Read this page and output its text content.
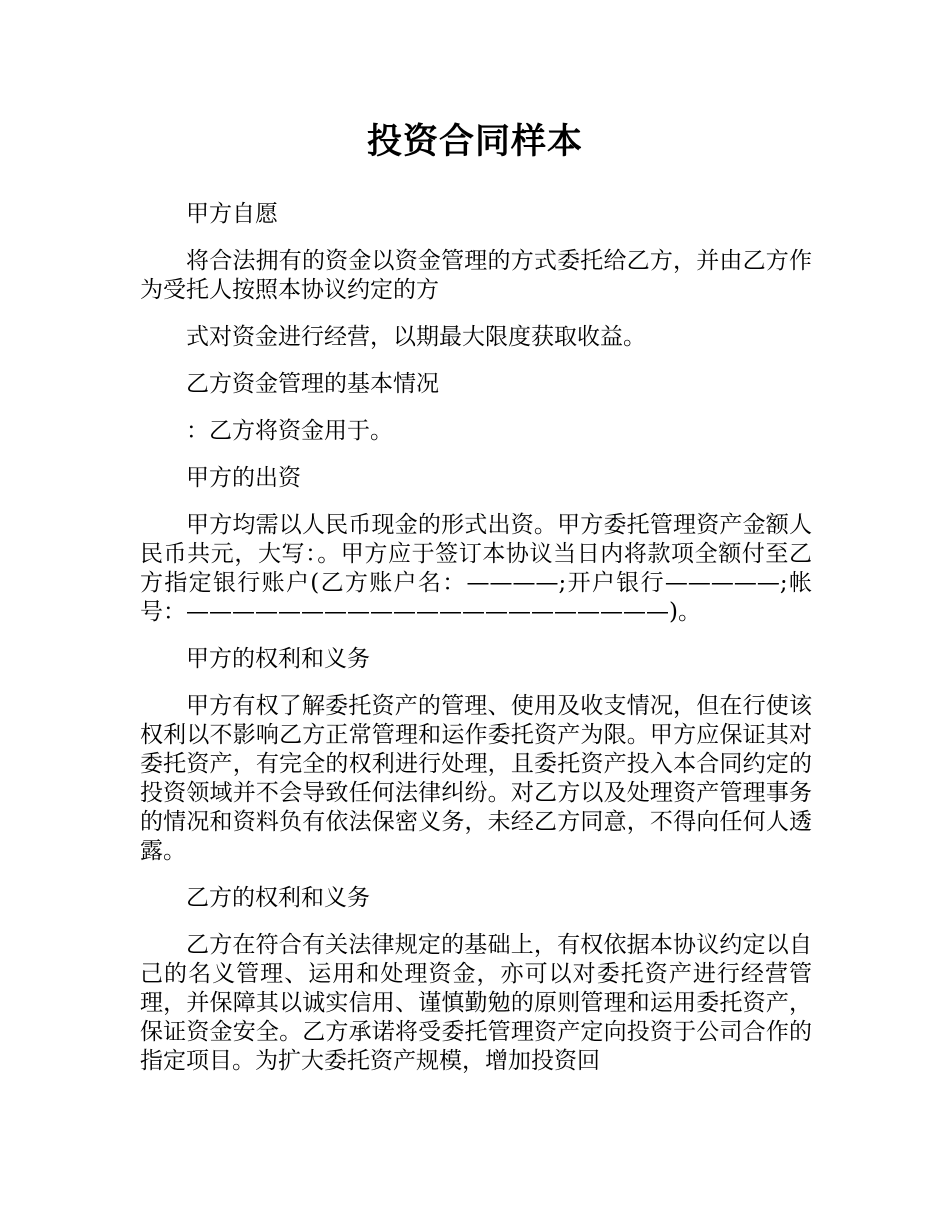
投资合同样本

甲方自愿

将合法拥有的资金以资金管理的方式委托给乙方，并由乙方作为受托人按照本协议约定的方

式对资金进行经营，以期最大限度获取收益。

乙方资金管理的基本情况

：乙方将资金用于。

甲方的出资

甲方均需以人民币现金的形式出资。甲方委托管理资产金额人民币共元，大写：。甲方应于签订本协议当日内将款项全额付至乙方指定银行账户(乙方账户名：————;开户银行—————;帐号：—————————————————————)。

甲方的权利和义务

甲方有权了解委托资产的管理、使用及收支情况，但在行使该权利以不影响乙方正常管理和运作委托资产为限。甲方应保证其对委托资产，有完全的权利进行处理，且委托资产投入本合同约定的投资领域并不会导致任何法律纠纷。对乙方以及处理资产管理事务的情况和资料负有依法保密义务，未经乙方同意，不得向任何人透露。

乙方的权利和义务

乙方在符合有关法律规定的基础上，有权依据本协议约定以自己的名义管理、运用和处理资金，亦可以对委托资产进行经营管理，并保障其以诚实信用、谨慎勤勉的原则管理和运用委托资产，保证资金安全。乙方承诺将受委托管理资产定向投资于公司合作的指定项目。为扩大委托资产规模，增加投资回
